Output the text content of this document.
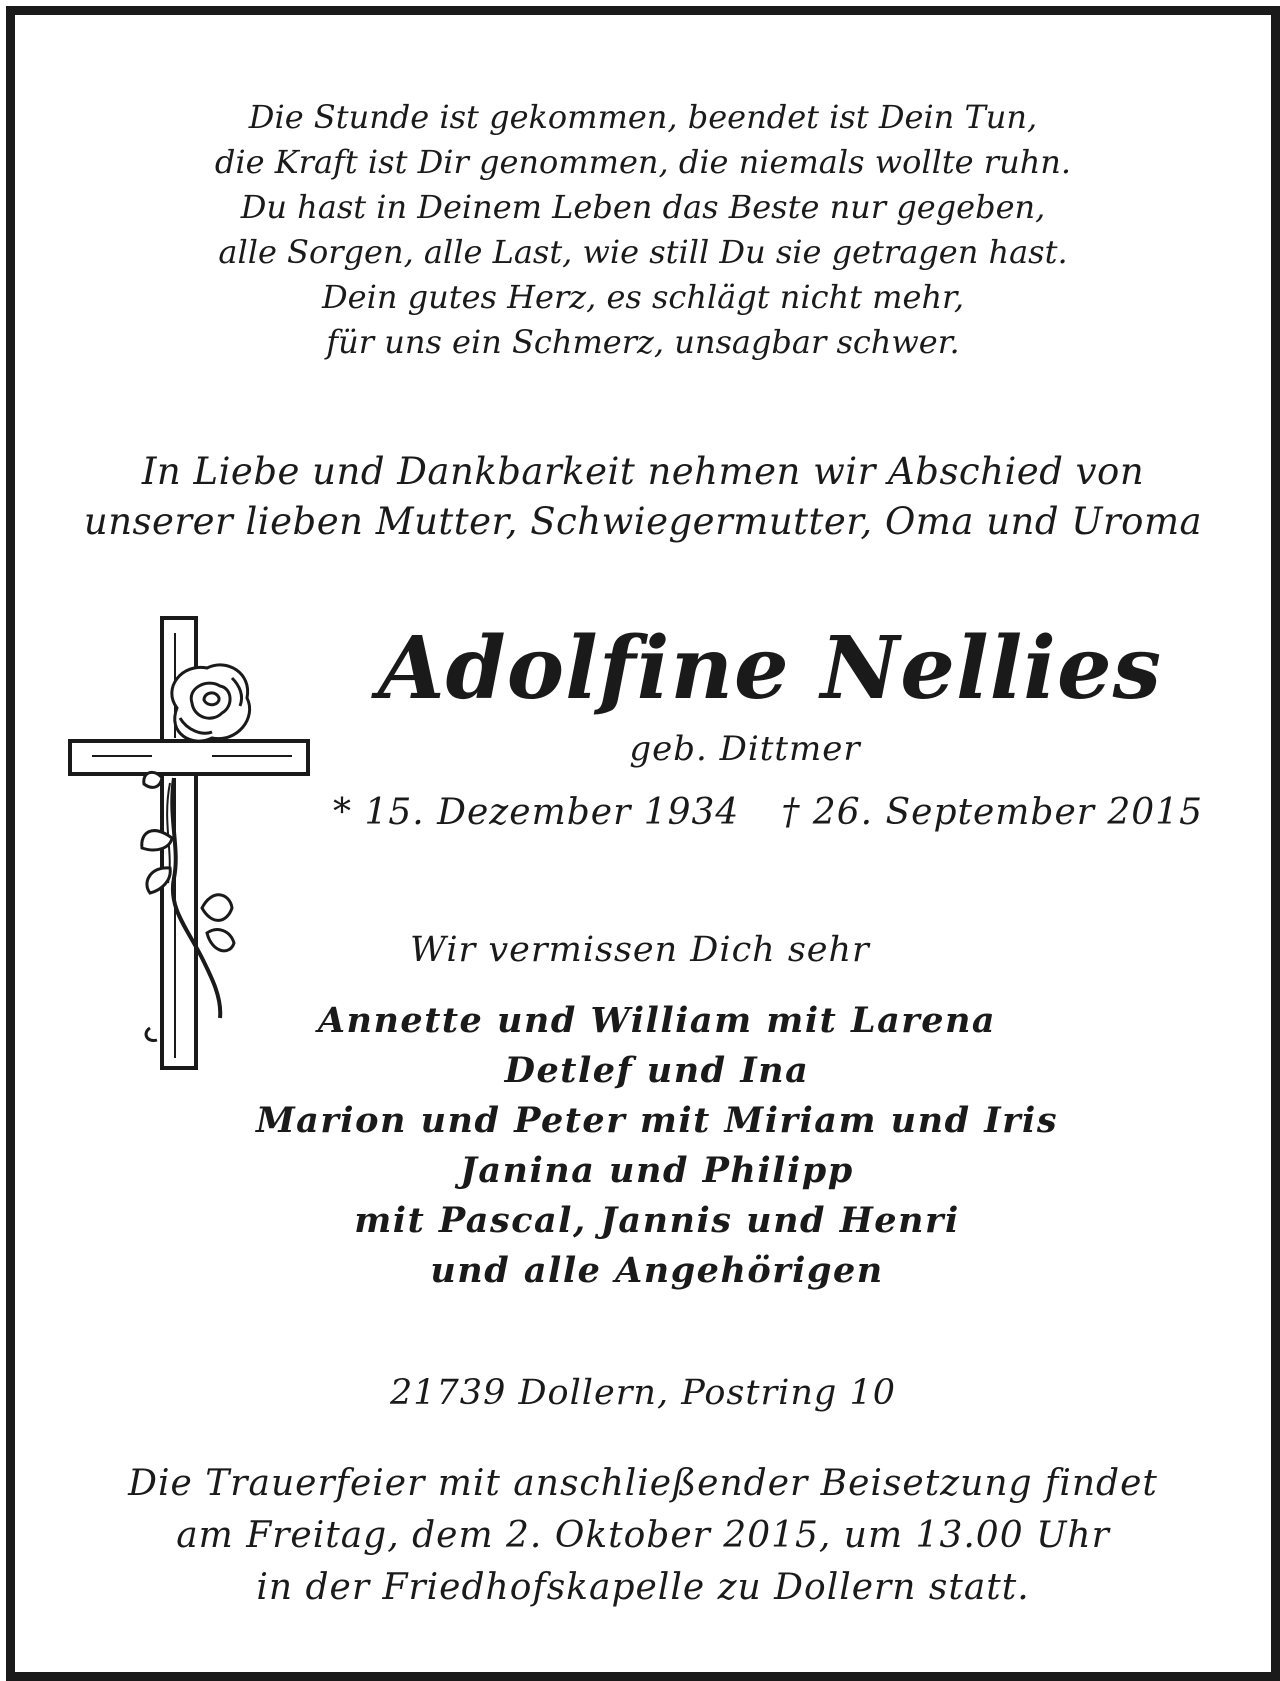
Die Stunde ist gekommen, beendet ist Dein Tun,
die Kraft ist Dir genommen, die niemals wollte ruhn.
Du hast in Deinem Leben das Beste nur gegeben,
alle Sorgen, alle Last, wie still Du sie getragen hast.
Dein gutes Herz, es schlägt nicht mehr,
für uns ein Schmerz, unsagbar schwer.
In Liebe und Dankbarkeit nehmen wir Abschied von
unserer lieben Mutter, Schwiegermutter, Oma und Uroma
Adolfine Nellies
geb. Dittmer
* 15. Dezember 1934 † 26. September 2015
Wir vermissen Dich sehr
Annette und William mit Larena
Detlef und Ina
Marion und Peter mit Miriam und Iris
Janina und Philipp
mit Pascal, Jannis und Henri
und alle Angehörigen
21739 Dollern, Postring 10
Die Trauerfeier mit anschließender Beisetzung findet
am Freitag, dem 2. Oktober 2015, um 13.00 Uhr
in der Friedhofskapelle zu Dollern statt.
